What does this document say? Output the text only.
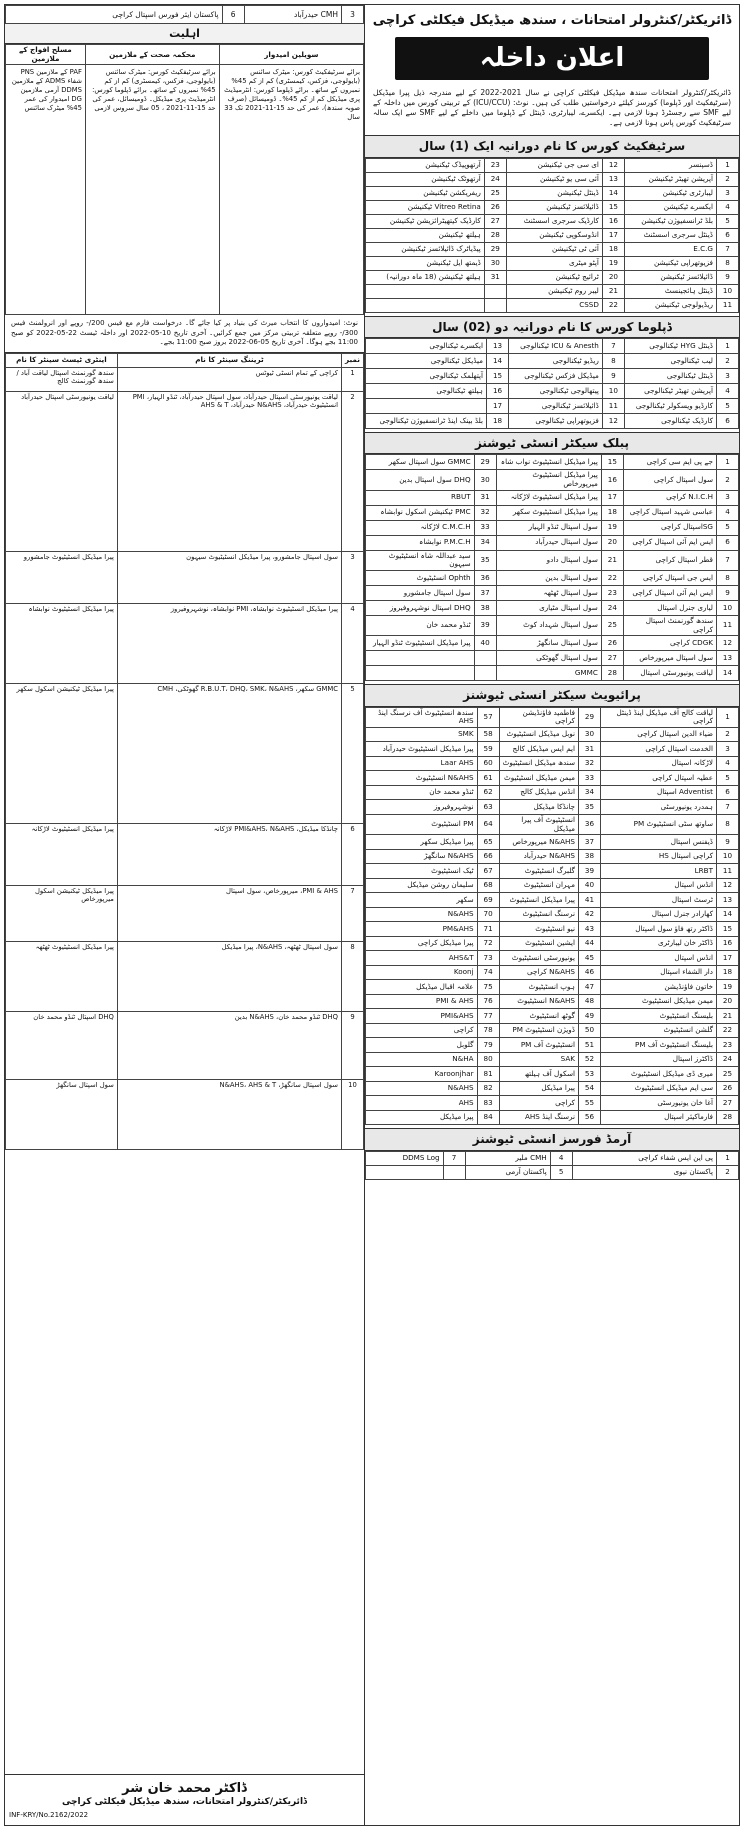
ڈائریکٹر/کنٹرولر امتحانات ، سندھ میڈیکل فیکلٹی کراچی
اعلان داخلہ
ڈائریکٹر/کنٹرولر امتحانات سندھ میڈیکل فیکلٹی کراچی نے سال 2021-2022 کے لیے مندرجہ ذیل پیرا میڈیکل (سرٹیفکیٹ اور ڈپلوما) کورسز کیلئے درخواستیں طلب کی ہیں۔ نوٹ: (ICU/CCU) کے تربیتی کورس میں داخلہ کے لیے SMF سے رجسٹرڈ ہونا لازمی ہے۔ ایکسرے، لیبارٹری، ڈینٹل کے ڈپلوما میں داخلے کے لیے SMF سے ایک سالہ سرٹیفکیٹ کورس پاس ہونا لازمی ہے۔
سرٹیفکیٹ کورس کا نام دورانیہ ایک (1) سال
1	ڈسپنسر	12	ای سی جی ٹیکنیشن	23	آرتھوپیڈک ٹیکنیشن
2	آپریشن تھیٹر ٹیکنیشن	13	آئی سی یو ٹیکنیشن	24	آرتھوٹک ٹیکنیشن
3	لیبارٹری ٹیکنیشن	14	ڈینٹل ٹیکنیشن	25	ریفریکشن ٹیکنیشن
4	ایکسرے ٹیکنیشن	15	ڈائیلائسز ٹیکنیشن	26	Vitreo Retina ٹیکنیشن
5	بلڈ ٹرانسفیوژن ٹیکنیشن	16	کارڈیک سرجری اسسٹنٹ	27	کارڈیک کیتھیٹرائزیشن ٹیکنیشن
6	ڈینٹل سرجری اسسٹنٹ	17	انڈوسکوپی ٹیکنیشن	28	ہیلتھ ٹیکنیشن
7	E.C.G	18	آئی ٹی ٹیکنیشن	29	پیڈیاٹرک ڈائیلائسز ٹیکنیشن
8	فزیوتھراپی ٹیکنیشن	19	آپٹو میٹری	30	ڈیمتھ ایل ٹیکنیشن
9	ڈائیلائسز ٹیکنیشن	20	ٹرائیج ٹیکنیشن	31	ہیلتھ ٹیکنیشن (18 ماہ دورانیہ)
10	ڈینٹل ہائجینسٹ	21	لیبر روم ٹیکنیشن		
11	ریڈیولوجی ٹیکنیشن	22	CSSD		
ڈپلوما کورس کا نام دورانیہ دو (02) سال
1	ڈینٹل HYG ٹیکنالوجی	7	ICU & Anesth ٹیکنالوجی	13	ایکسرے ٹیکنالوجی
2	لیب ٹیکنالوجی	8	ریڈیو ٹیکنالوجی	14	میڈیکل ٹیکنالوجی
3	ڈینٹل ٹیکنالوجی	9	میڈیکل فزکس ٹیکنالوجی	15	آپتھلمک ٹیکنالوجی
4	آپریشن تھیٹر ٹیکنالوجی	10	پیتھالوجی ٹیکنالوجی	16	ہیلتھ ٹیکنالوجی
5	کارڈیو ویسکولر ٹیکنالوجی	11	ڈائیلائسز ٹیکنالوجی	17	
6	کارڈیک ٹیکنالوجی	12	فزیوتھراپی ٹیکنالوجی	18	بلڈ بینک اینڈ ٹرانسفیوژن ٹیکنالوجی
پبلک سیکٹر انسٹی ٹیوشنز
1	جے پی ایم سی کراچی	15	پیرا میڈیکل انسٹیٹیوٹ نواب شاہ	29	GMMC سول اسپتال سکھر
2	سول اسپتال کراچی	16	پیرا میڈیکل انسٹیٹیوٹ میرپورخاص	30	DHQ سول اسپتال بدین
3	N.I.C.H کراچی	17	پیرا میڈیکل انسٹیٹیوٹ لاڑکانہ	31	RBUT
4	عباسی شہید اسپتال کراچی	18	پیرا میڈیکل انسٹیٹیوٹ سکھر	32	PMC ٹیکنیشن اسکول نوابشاہ
5	SGاسپتال کراچی	19	سول اسپتال ٹنڈو الہیار	33	C.M.C.H لاڑکانہ
6	ایس ایم آئی اسپتال کراچی	20	سول اسپتال حیدرآباد	34	P.M.C.H نوابشاہ
7	قطر اسپتال کراچی	21	سول اسپتال دادو	35	سید عبداللہ شاہ انسٹیٹیوٹ سیہون
8	ایس جی اسپتال کراچی	22	سول اسپتال بدین	36	Ophth انسٹیٹیوٹ
9	ایس ایم آئی اسپتال کراچی	23	سول اسپتال ٹھٹھہ	37	سول اسپتال جامشورو
10	لیاری جنرل اسپتال	24	سول اسپتال مٹیاری	38	DHQ اسپتال نوشہروفیروز
11	سندھ گورنمنٹ اسپتال کراچی	25	سول اسپتال شہداد کوٹ	39	ٹنڈو محمد خان
12	CDGK کراچی	26	سول اسپتال سانگھڑ	40	پیرا میڈیکل انسٹیٹیوٹ ٹنڈو الہیار
13	سول اسپتال میرپورخاص	27	سول اسپتال گھوٹکی		
14	لیاقت یونیورسٹی اسپتال	28	GMMC		
پرائیویٹ سیکٹر انسٹی ٹیوشنز
1	لیاقت کالج آف میڈیکل اینڈ ڈینٹل کراچی	29	فاطمید فاؤنڈیشن کراچی	57	سندھ انسٹیٹیوٹ آف نرسنگ اینڈ AHS
2	ضیاء الدین اسپتال کراچی	30	نوبل میڈیکل انسٹیٹیوٹ	58	SMK
3	الخدمت اسپتال کراچی	31	ایم ایس میڈیکل کالج	59	پیرا میڈیکل انسٹیٹیوٹ حیدرآباد
4	لاڑکانہ اسپتال	32	سندھ میڈیکل انسٹیٹیوٹ	60	Laar AHS
5	عطیہ اسپتال کراچی	33	میمن میڈیکل انسٹیٹیوٹ	61	N&AHS انسٹیٹیوٹ
6	Adventist اسپتال	34	انڈس میڈیکل کالج	62	ٹنڈو محمد خان
7	ہمدرد یونیورسٹی	35	چانڈکا میڈیکل	63	نوشہروفیروز
8	ساوتھ سٹی انسٹیٹیوٹ PM	36	انسٹیٹیوٹ آف پیرا میڈیکل	64	PM انسٹیٹیوٹ
9	ڈیفنس اسپتال	37	N&AHS میرپورخاص	65	پیرا میڈیکل سکھر
10	کراچی اسپتال HS	38	N&AHS حیدرآباد	66	N&AHS سانگھڑ
11	LRBT	39	گلبرگ انسٹیٹیوٹ	67	ٹیک انسٹیٹیوٹ
12	انڈس اسپتال	40	مہران انسٹیٹیوٹ	68	سلیمان روشن میڈیکل
13	ٹرسٹ اسپتال	41	پیرا میڈیکل انسٹیٹیوٹ	69	سکھر
14	کھارادر جنرل اسپتال	42	نرسنگ انسٹیٹیوٹ	70	N&AHS
15	ڈاکٹر رتھ فاؤ سول اسپتال	43	نیو انسٹیٹیوٹ	71	PM&AHS
16	ڈاکٹر خان لیبارٹری	44	ایشین انسٹیٹیوٹ	72	پیرا میڈیکل کراچی
17	انڈس اسپتال	45	یونیورسٹی انسٹیٹیوٹ	73	AHS&T
18	دار الشفاء اسپتال	46	N&AHS کراچی	74	Koonj
19	خاتون فاؤنڈیشن	47	ہوپ انسٹیٹیوٹ	75	علامہ اقبال میڈیکل
20	میمن میڈیکل انسٹیٹیوٹ	48	N&AHS انسٹیٹیوٹ	76	PMI & AHS
21	بلیسنگ انسٹیٹیوٹ	49	گوٹھ انسٹیٹیوٹ	77	PMI&AHS
22	گلشن انسٹیٹیوٹ	50	ڈویژن انسٹیٹیوٹ PM	78	کراچی
23	بلیسنگ انسٹیٹیوٹ آف PM	51	انسٹیٹیوٹ آف PM	79	گلوبل
24	ڈاکٹرز اسپتال	52	SAK	80	N&HA
25	میری ڈی میڈیکل انسٹیٹیوٹ	53	اسکول آف ہیلتھ	81	Karoonjhar
26	سی ایم میڈیکل انسٹیٹیوٹ	54	پیرا میڈیکل	82	N&AHS
27	آغا خان یونیورسٹی	55	کراچی	83	AHS
28	فارماکیئر اسپتال	56	نرسنگ اینڈ AHS	84	پیرا میڈیکل
آرمڈ فورسز انسٹی ٹیوشنز
1	پی این ایس شفاء کراچی	4	CMH ملیر	7	DDMS Log
2	پاکستان نیوی	5	پاکستان آرمی		
3	CMH حیدرآباد	6	پاکستان ایئر فورس اسپتال کراچی
اہلیت
سویلین امیدوار	محکمہ صحت کے ملازمین	مسلح افواج کے ملازمین
برائے سرٹیفکیٹ کورس: میٹرک سائنس (بایولوجی، فزکس، کیمسٹری) کم از کم 45% نمبروں کے ساتھ۔ برائے ڈپلوما کورس: انٹرمیڈیٹ پری میڈیکل کم از کم 45%۔ ڈومیسائل (صرف صوبہ سندھ)، عمر کی حد 15-11-2021 تک 33 سال	برائے سرٹیفکیٹ کورس: میٹرک سائنس (بایولوجی، فزکس، کیمسٹری) کم از کم 45% نمبروں کے ساتھ۔ برائے ڈپلوما کورس: انٹرمیڈیٹ پری میڈیکل۔ ڈومیسائل، عمر کی حد 15-11-2021 ، 05 سال سروس لازمی	PAF کے ملازمین PNS شفاء ADMS کے ملازمین DDMS آرمی ملازمین DG امیدوار کی عمر 45% میٹرک سائنس
نوٹ: امیدواروں کا انتخاب میرٹ کی بنیاد پر کیا جائے گا۔ درخواست فارم مع فیس 200/- روپے اور انرولمنٹ فیس 300/- روپے متعلقہ تربیتی مرکز میں جمع کرائیں۔ آخری تاریخ 10-05-2022 اور داخلہ ٹیسٹ 22-05-2022 کو صبح 11:00 بجے ہوگا۔ آخری تاریخ 05-06-2022 بروز صبح 11:00 بجے۔
نمبر	ٹریننگ سینٹر کا نام	اینٹری ٹیسٹ سینٹر کا نام
1	کراچی کے تمام انسٹی ٹیوٹس	سندھ گورنمنٹ اسپتال لیاقت آباد / سندھ گورنمنٹ کالج
2	لیاقت یونیورسٹی اسپتال حیدرآباد، سول اسپتال حیدرآباد، ٹنڈو الہیار، PMI انسٹیٹیوٹ حیدرآباد، N&AHS حیدرآباد، AHS & T	لیاقت یونیورسٹی اسپتال حیدرآباد
3	سول اسپتال جامشورو، پیرا میڈیکل انسٹیٹیوٹ سیہون	پیرا میڈیکل انسٹیٹیوٹ جامشورو
4	پیرا میڈیکل انسٹیٹیوٹ نوابشاہ، PMI نوابشاہ، نوشہروفیروز	پیرا میڈیکل انسٹیٹیوٹ نوابشاہ
5	GMMC سکھر، R.B.U.T، DHQ، SMK، N&AHS گھوٹکی، CMH	پیرا میڈیکل ٹیکنیشن اسکول سکھر
6	چانڈکا میڈیکل، PMI&AHS، N&AHS لاڑکانہ	پیرا میڈیکل انسٹیٹیوٹ لاڑکانہ
7	PMI & AHS، میرپورخاص، سول اسپتال	پیرا میڈیکل ٹیکنیشن اسکول میرپورخاص
8	سول اسپتال ٹھٹھہ، N&AHS، پیرا میڈیکل	پیرا میڈیکل انسٹیٹیوٹ ٹھٹھہ
9	DHQ ٹنڈو محمد خان، N&AHS بدین	DHQ اسپتال ٹنڈو محمد خان
10	سول اسپتال سانگھڑ، N&AHS، AHS & T	سول اسپتال سانگھڑ
ڈاکٹر محمد خان شر
ڈائریکٹر/کنٹرولر امتحانات، سندھ میڈیکل فیکلٹی کراچی
INF-KRY/No.2162/2022
